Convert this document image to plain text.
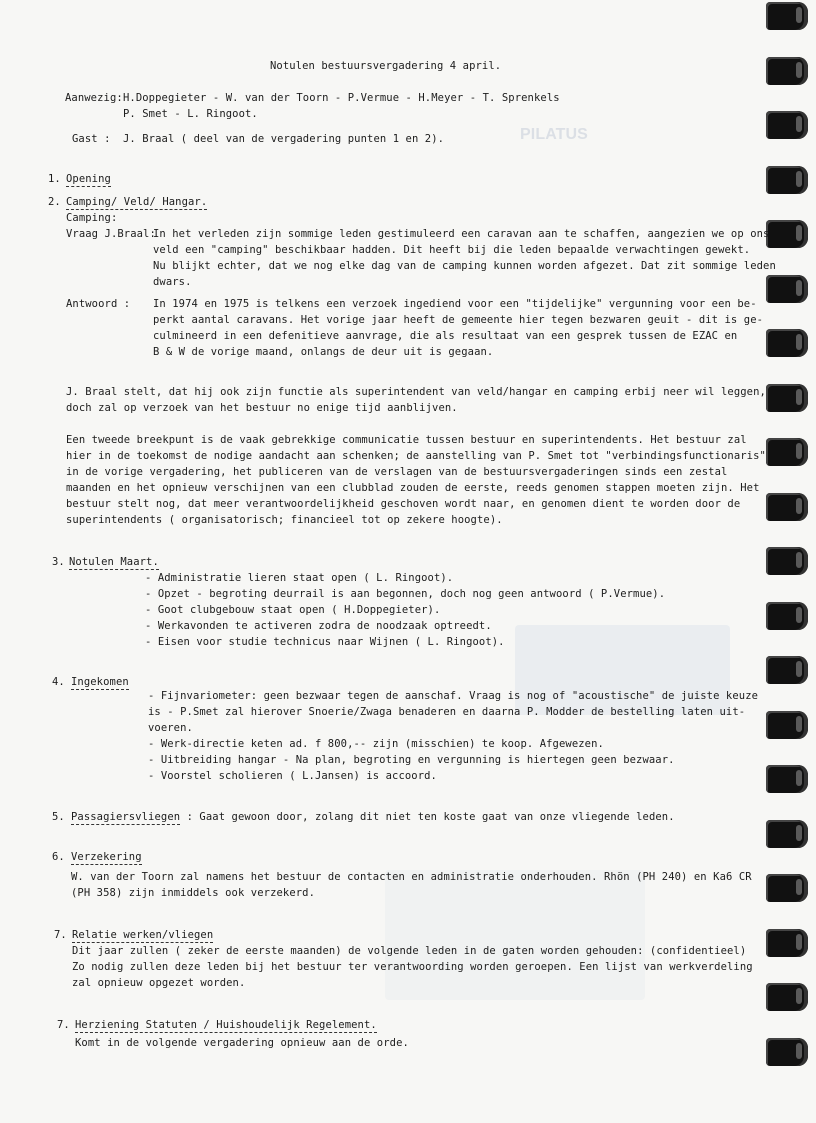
PILATUS
Notulen bestuursvergadering 4 april.
Aanwezig: H.Doppegieter - W. van der Toorn - P.Vermue - H.Meyer - T. Sprenkels
P. Smet - L. Ringoot.
Gast : J. Braal ( deel van de vergadering punten 1 en 2).
1. Opening
2. Camping/ Veld/ Hangar.
Camping:
Vraag J.Braal:
In het verleden zijn sommige leden gestimuleerd een caravan aan te schaffen, aangezien we op ons
veld een "camping" beschikbaar hadden. Dit heeft bij die leden bepaalde verwachtingen gewekt.
Nu blijkt echter, dat we nog elke dag van de camping kunnen worden afgezet. Dat zit sommige leden
dwars.
Antwoord : In 1974 en 1975 is telkens een verzoek ingediend voor een "tijdelijke" vergunning voor een be-
perkt aantal caravans. Het vorige jaar heeft de gemeente hier tegen bezwaren geuit - dit is ge-
culmineerd in een defenitieve aanvrage, die als resultaat van een gesprek tussen de EZAC en
B & W de vorige maand, onlangs de deur uit is gegaan.
J. Braal stelt, dat hij ook zijn functie als superintendent van veld/hangar en camping erbij neer wil leggen,
doch zal op verzoek van het bestuur no enige tijd aanblijven.
Een tweede breekpunt is de vaak gebrekkige communicatie tussen bestuur en superintendents. Het bestuur zal
hier in de toekomst de nodige aandacht aan schenken; de aanstelling van P. Smet tot "verbindingsfunctionaris"
in de vorige vergadering, het publiceren van de verslagen van de bestuursvergaderingen sinds een zestal
maanden en het opnieuw verschijnen van een clubblad zouden de eerste, reeds genomen stappen moeten zijn. Het
bestuur stelt nog, dat meer verantwoordelijkheid geschoven wordt naar, en genomen dient te worden door de
superintendents ( organisatorisch; financieel tot op zekere hoogte).
3. Notulen Maart.
- Administratie lieren staat open ( L. Ringoot).
- Opzet - begroting deurrail is aan begonnen, doch nog geen antwoord ( P.Vermue).
- Goot clubgebouw staat open ( H.Doppegieter).
- Werkavonden te activeren zodra de noodzaak optreedt.
- Eisen voor studie technicus naar Wijnen ( L. Ringoot).
4. Ingekomen
- Fijnvariometer: geen bezwaar tegen de aanschaf. Vraag is nog of "acoustische" de juiste keuze
is - P.Smet zal hierover Snoerie/Zwaga benaderen en daarna P. Modder de bestelling laten uit-
voeren.
- Werk-directie keten ad. f 800,-- zijn (misschien) te koop. Afgewezen.
- Uitbreiding hangar - Na plan, begroting en vergunning is hiertegen geen bezwaar.
- Voorstel scholieren ( L.Jansen) is accoord.
5. Passagiersvliegen : Gaat gewoon door, zolang dit niet ten koste gaat van onze vliegende leden.
6. Verzekering
W. van der Toorn zal namens het bestuur de contacten en administratie onderhouden. Rhön (PH 240) en Ka6 CR
(PH 358) zijn inmiddels ook verzekerd.
7. Relatie werken/vliegen
Dit jaar zullen ( zeker de eerste maanden) de volgende leden in de gaten worden gehouden: (confidentieel)
Zo nodig zullen deze leden bij het bestuur ter verantwoording worden geroepen. Een lijst van werkverdeling
zal opnieuw opgezet worden.
7. Herziening Statuten / Huishoudelijk Regelement.
Komt in de volgende vergadering opnieuw aan de orde.
